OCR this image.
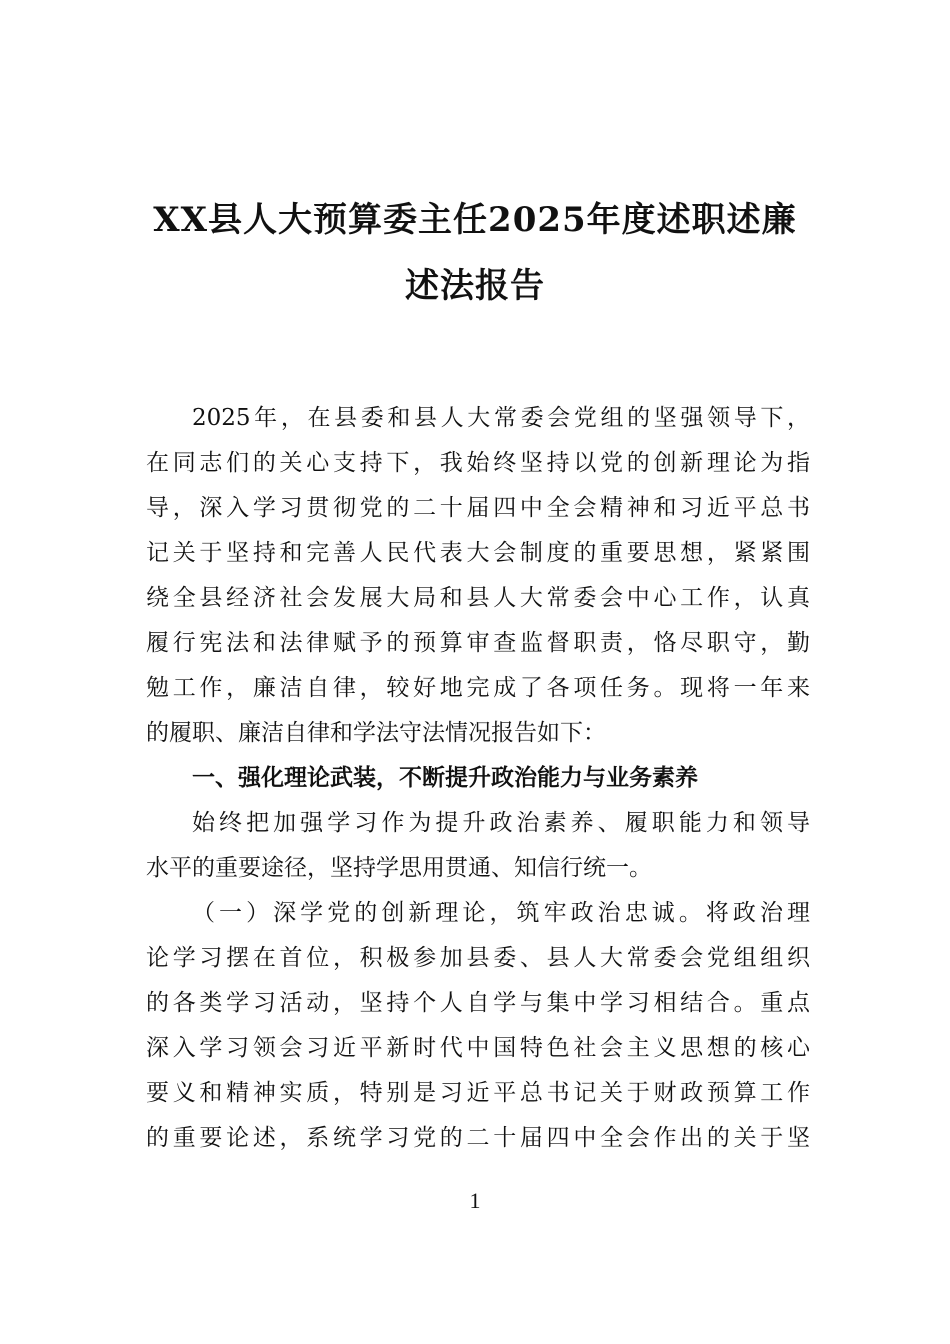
XX县人大预算委主任2025年度述职述廉
述法报告
2025年，在县委和县人大常委会党组的坚强领导下，
在同志们的关心支持下，我始终坚持以党的创新理论为指
导，深入学习贯彻党的二十届四中全会精神和习近平总书
记关于坚持和完善人民代表大会制度的重要思想，紧紧围
绕全县经济社会发展大局和县人大常委会中心工作，认真
履行宪法和法律赋予的预算审查监督职责，恪尽职守，勤
勉工作，廉洁自律，较好地完成了各项任务。现将一年来
的履职、廉洁自律和学法守法情况报告如下：
一、强化理论武装，不断提升政治能力与业务素养
始终把加强学习作为提升政治素养、履职能力和领导
水平的重要途径，坚持学思用贯通、知信行统一。
（一）深学党的创新理论，筑牢政治忠诚。将政治理
论学习摆在首位，积极参加县委、县人大常委会党组组织
的各类学习活动，坚持个人自学与集中学习相结合。重点
深入学习领会习近平新时代中国特色社会主义思想的核心
要义和精神实质，特别是习近平总书记关于财政预算工作
的重要论述，系统学习党的二十届四中全会作出的关于坚
1
